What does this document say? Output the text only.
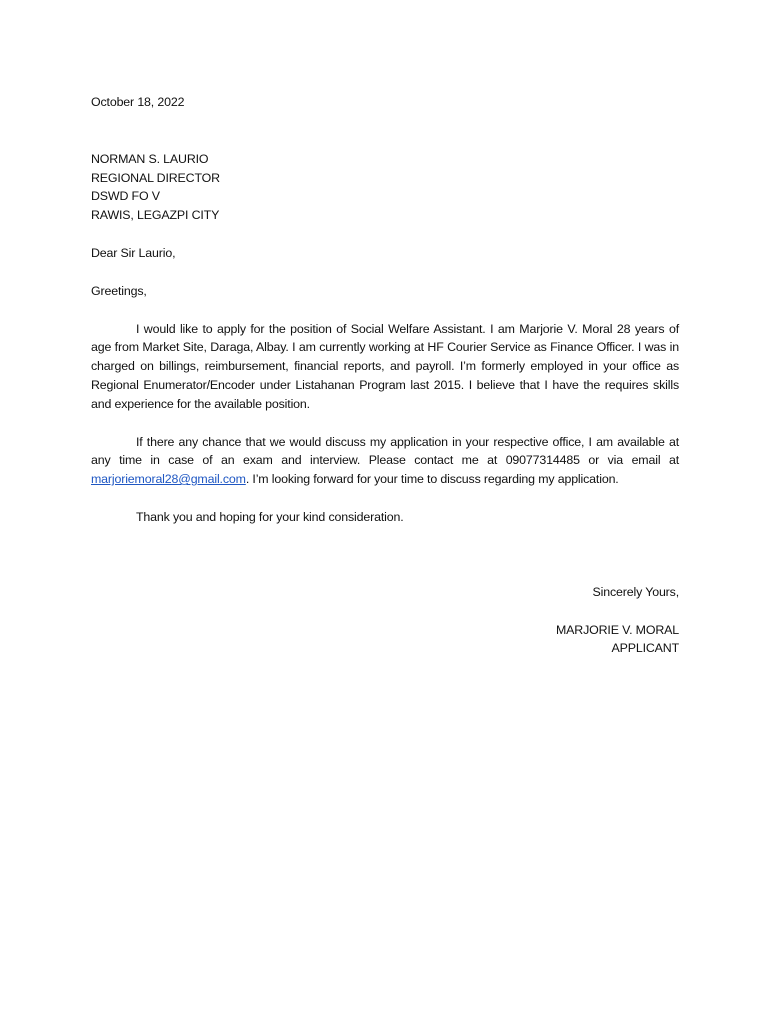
October 18, 2022
NORMAN S. LAURIO
REGIONAL DIRECTOR
DSWD FO V
RAWIS, LEGAZPI CITY
Dear Sir Laurio,
Greetings,

I would like to apply for the position of Social Welfare Assistant. I am Marjorie V. Moral 28 years of age from Market Site, Daraga, Albay. I am currently working at HF Courier Service as Finance Officer. I was in charged on billings, reimbursement, financial reports, and payroll. I’m formerly employed in your office as Regional Enumerator/Encoder under Listahanan Program last 2015. I believe that I have the requires skills and experience for the available position.

If there any chance that we would discuss my application in your respective office, I am available at any time in case of an exam and interview. Please contact me at 09077314485 or via email at marjoriemoral28@gmail.com. I’m looking forward for your time to discuss regarding my application.

Thank you and hoping for your kind consideration.

Sincerely Yours,
MARJORIE V. MORAL
APPLICANT
